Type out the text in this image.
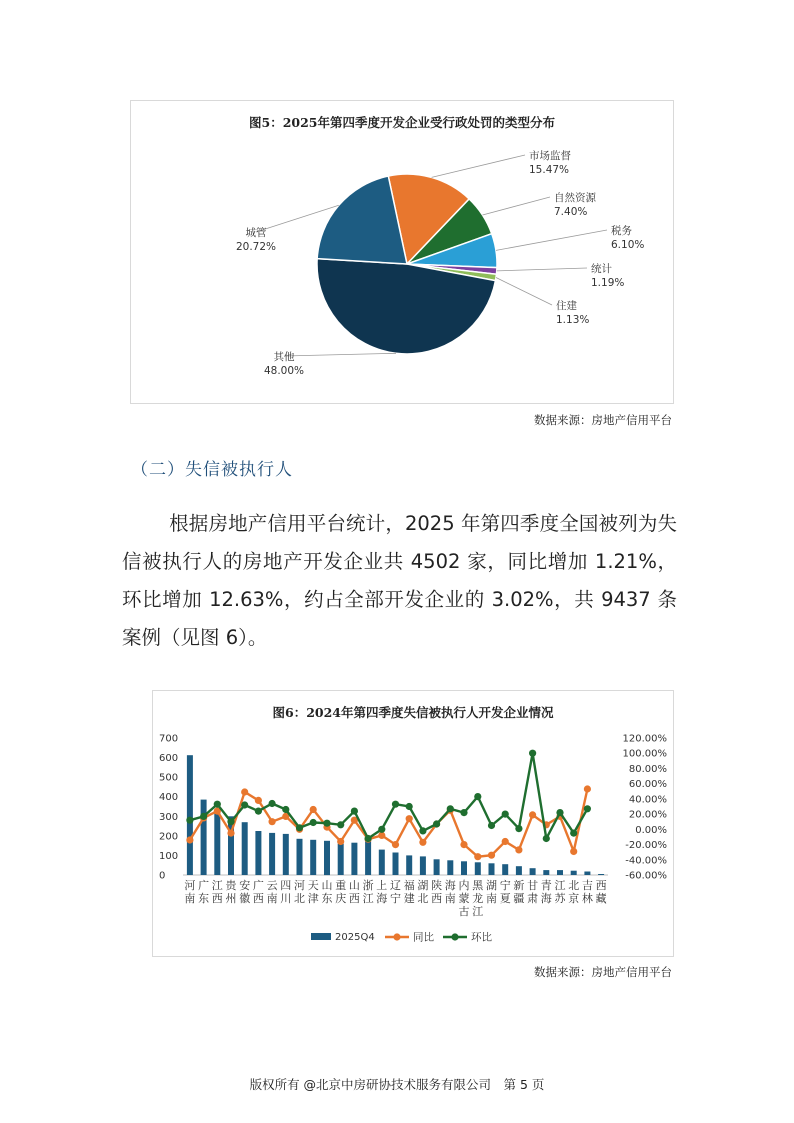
图5：2025年第四季度开发企业受行政处罚的类型分布
市场监督
15.47%
自然资源
7.40%
税务
6.10%
统计
1.19%
住建
1.13%
其他
48.00%
城管
20.72%
数据来源：房地产信用平台
（二）失信被执行人
根据房地产信用平台统计，2025 年第四季度全国被列为失信被执行人的房地产开发企业共 4502 家，同比增加 1.21%，环比增加 12.63%，约占全部开发企业的 3.02%，共 9437 条案例（见图 6）。
图6：2024年第四季度失信被执行人开发企业情况
0
100
200
300
400
500
600
700
-60.00%
-40.00%
-20.00%
0.00%
20.00%
40.00%
60.00%
80.00%
100.00%
120.00%
河
南
广
东
江
西
贵
州
安
徽
广
西
云
南
四
川
河
北
天
津
山
东
重
庆
山
西
浙
江
上
海
辽
宁
福
建
湖
北
陕
西
海
南
内
蒙
古
黑
龙
江
湖
南
宁
夏
新
疆
甘
肃
青
海
江
苏
北
京
吉
林
西
藏
2025Q4	同比	环比
数据来源：房地产信用平台
版权所有 @北京中房研协技术服务有限公司　第 5 页
